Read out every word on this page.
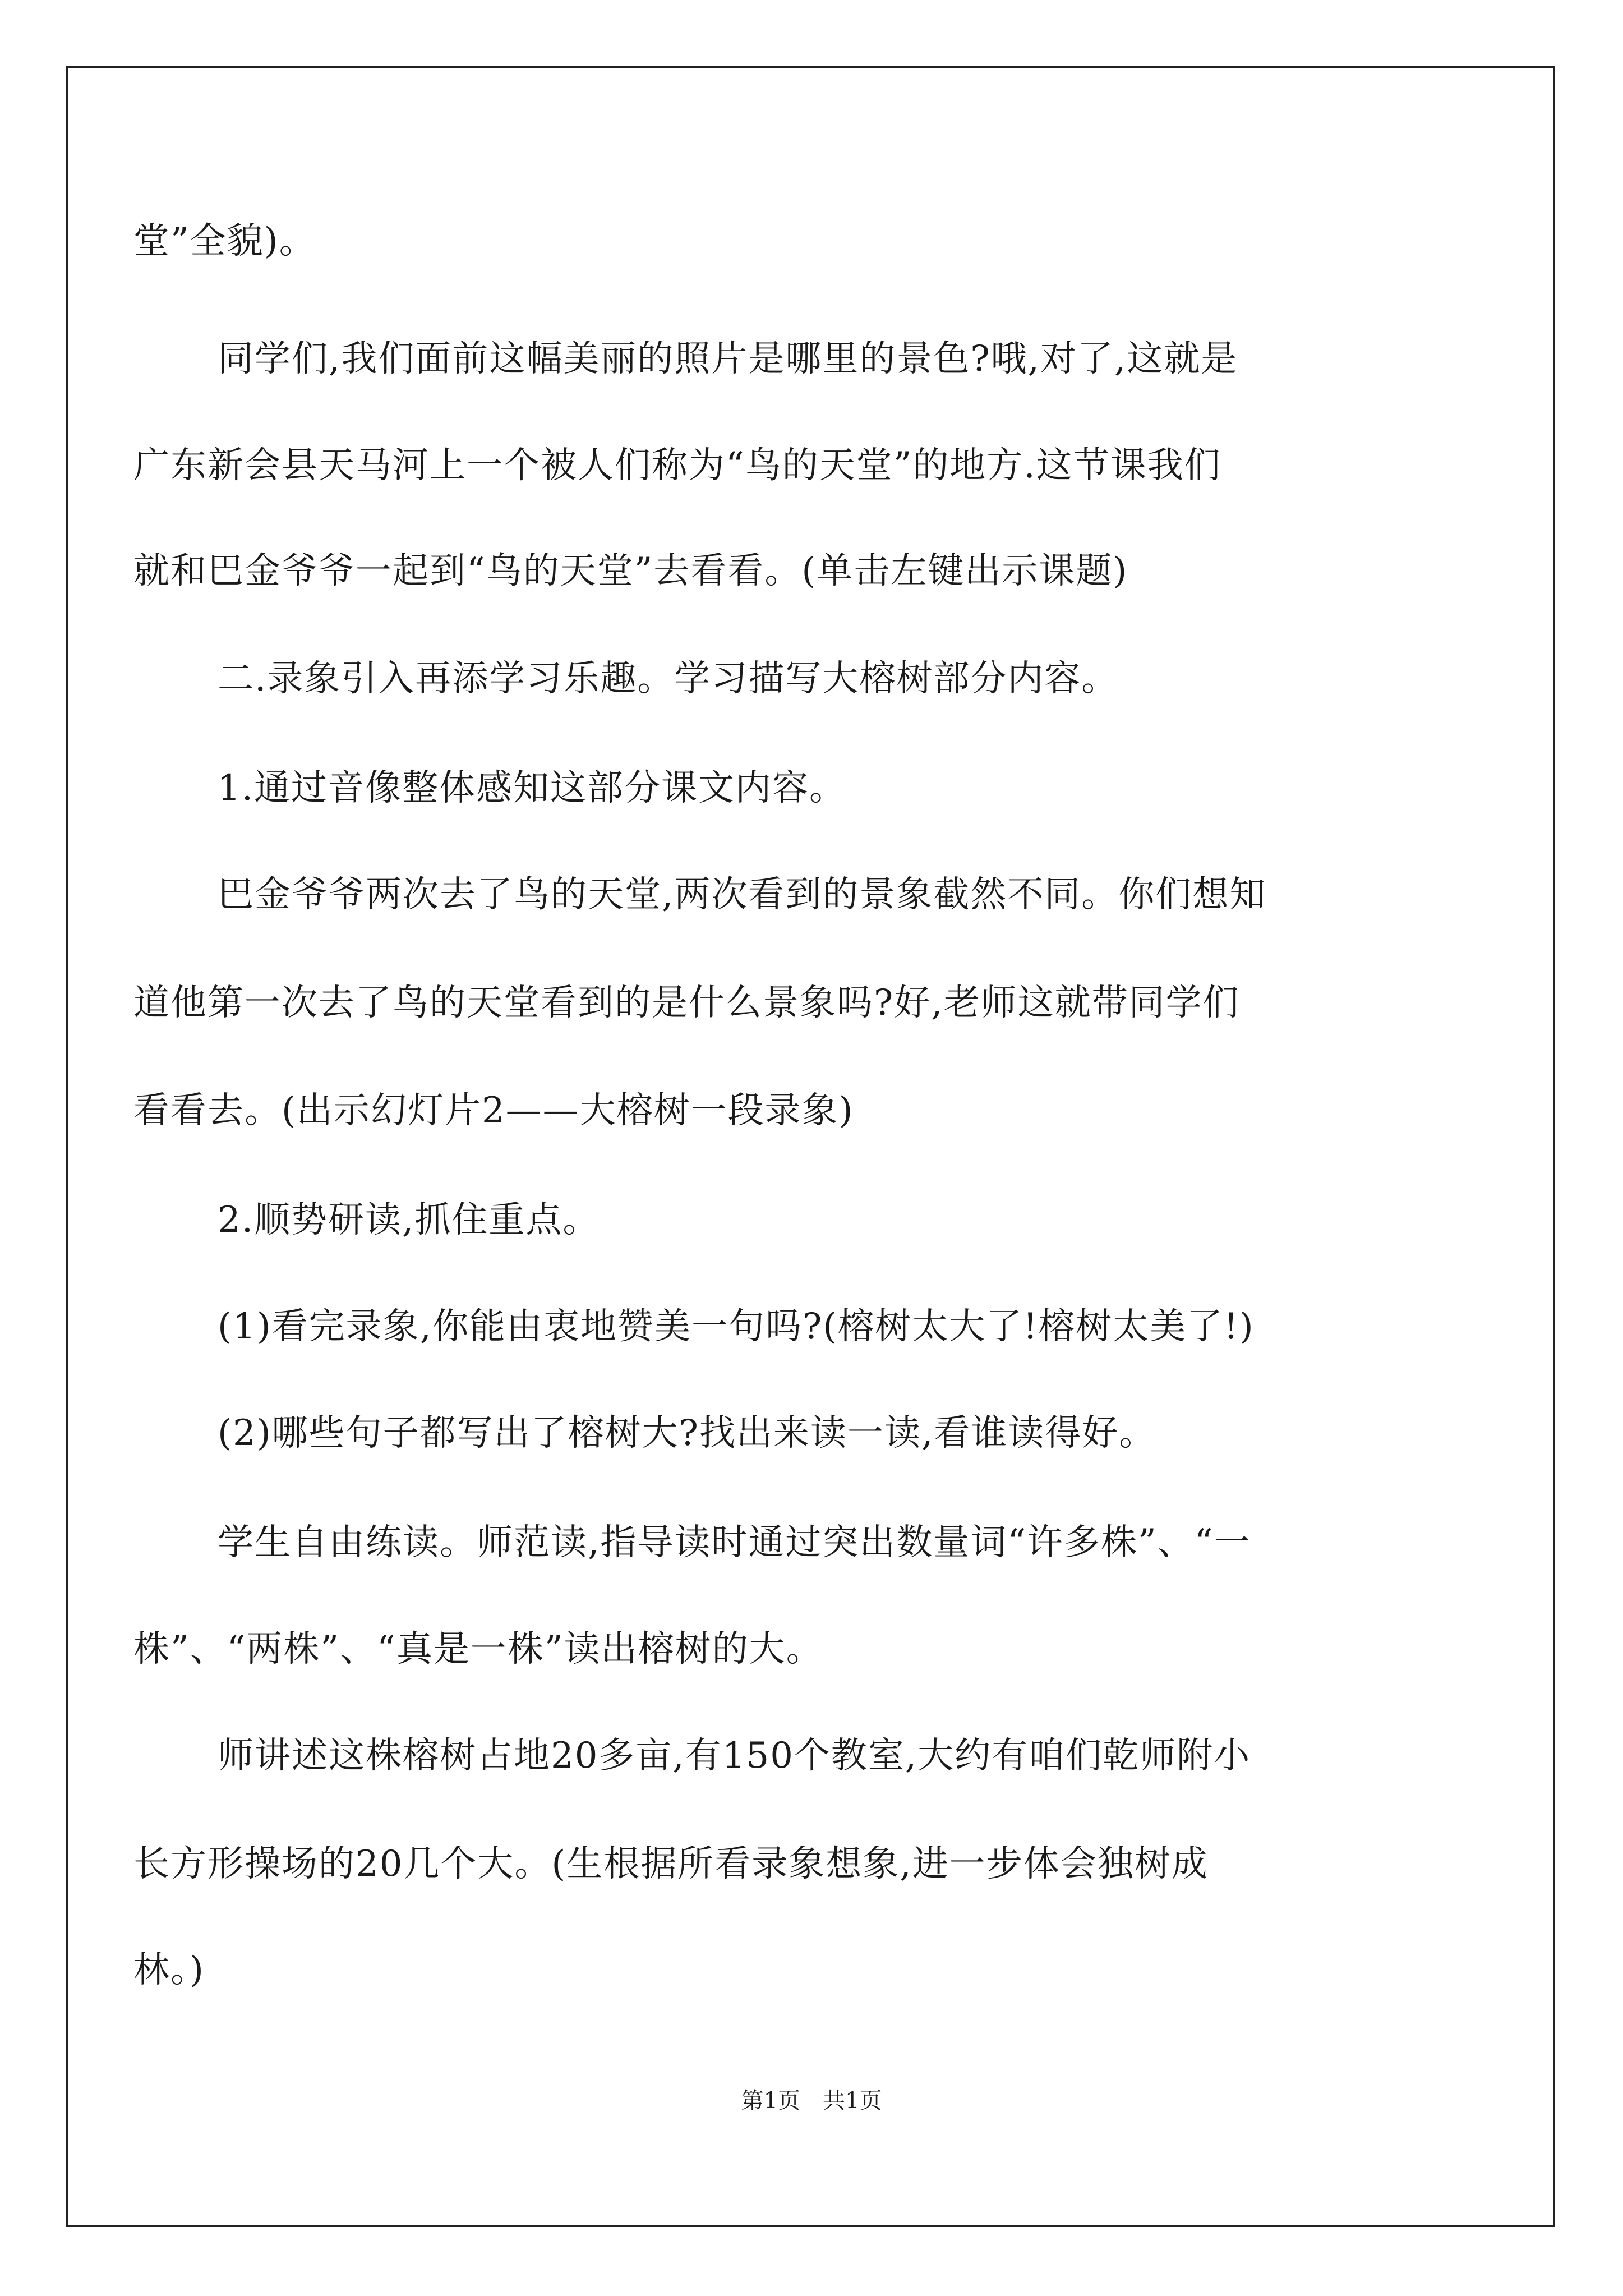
堂”全貌)。
同学们,我们面前这幅美丽的照片是哪里的景色?哦,对了,这就是
广东新会县天马河上一个被人们称为“鸟的天堂”的地方.这节课我们
就和巴金爷爷一起到“鸟的天堂”去看看。(单击左键出示课题)
二.录象引入再添学习乐趣。学习描写大榕树部分内容。
1.通过音像整体感知这部分课文内容。
巴金爷爷两次去了鸟的天堂,两次看到的景象截然不同。你们想知
道他第一次去了鸟的天堂看到的是什么景象吗?好,老师这就带同学们
看看去。(出示幻灯片2——大榕树一段录象)
2.顺势研读,抓住重点。
(1)看完录象,你能由衷地赞美一句吗?(榕树太大了!榕树太美了!)
(2)哪些句子都写出了榕树大?找出来读一读,看谁读得好。
学生自由练读。师范读,指导读时通过突出数量词“许多株”、“一
株”、“两株”、“真是一株”读出榕树的大。
师讲述这株榕树占地20多亩,有150个教室,大约有咱们乾师附小
长方形操场的20几个大。(生根据所看录象想象,进一步体会独树成
林。)
第1页 共1页
